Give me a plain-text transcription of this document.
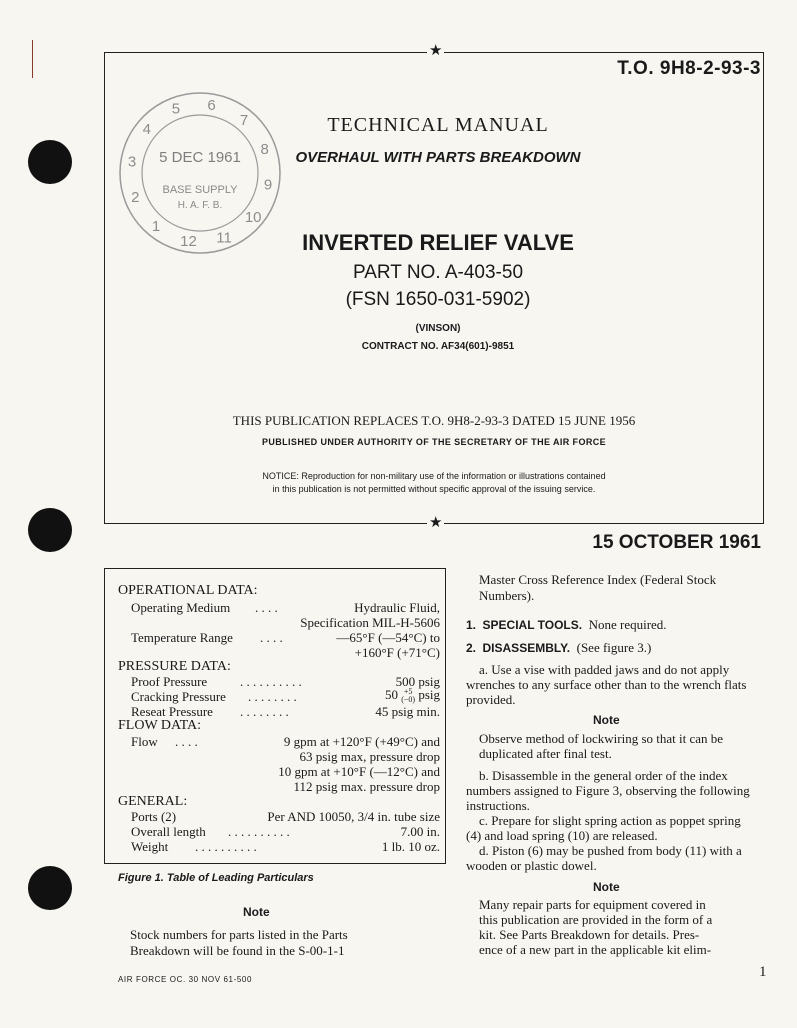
T.O. 9H8-2-93-3
★
★
1
2
3
4
5 6
7
8
9
10
11
12
5 DEC 1961
BASE SUPPLY
H. A. F. B.
TECHNICAL MANUAL
OVERHAUL WITH PARTS BREAKDOWN
INVERTED RELIEF VALVE
PART NO. A-403-50
(FSN 1650-031-5902)
(VINSON)
CONTRACT NO. AF34(601)-9851
THIS PUBLICATION REPLACES T.O. 9H8-2-93-3 DATED 15 JUNE 1956
PUBLISHED UNDER AUTHORITY OF THE SECRETARY OF THE AIR FORCE
NOTICE: Reproduction for non-military use of the information or illustrations contained
in this publication is not permitted without specific approval of the issuing service.
15 OCTOBER 1961
OPERATIONAL DATA:
Operating Medium . . . .	Hydraulic Fluid,
Specification MIL-H-5606
Temperature Range . . . .	—65°F (—54°C) to
+160°F (+71°C)
PRESSURE DATA:
Proof Pressure	. . . . . . . . . .	500 psig
Cracking Pressure . . . . . . . .	50 (+5
−0) psig
Reseat Pressure . . . . . . . .	45 psig min.
FLOW DATA:
Flow . . . .	9 gpm at +120°F (+49°C) and
63 psig max, pressure drop
10 gpm at +10°F (—12°C) and
112 psig max. pressure drop
GENERAL:
Ports (2)	Per AND 10050, 3/4 in. tube size
Overall length . . . . . . . . . .	7.00 in.
Weight . . . . . . . . . .	1 lb. 10 oz.
Figure 1. Table of Leading Particulars
Note
Stock numbers for parts listed in the Parts
Breakdown will be found in the S-00-1-1
Master Cross Reference Index (Federal Stock
Numbers).
1. SPECIAL TOOLS. None required.
2. DISASSEMBLY. (See figure 3.)
a. Use a vise with padded jaws and do not apply
wrenches to any surface other than to the wrench flats
provided.
Note
Observe method of lockwiring so that it can be
duplicated after final test.
b. Disassemble in the general order of the index
numbers assigned to Figure 3, observing the following
instructions.
c. Prepare for slight spring action as poppet spring
(4) and load spring (10) are released.
d. Piston (6) may be pushed from body (11) with a
wooden or plastic dowel.
Note
Many repair parts for equipment covered in
this publication are provided in the form of a
kit. See Parts Breakdown for details. Pres-
ence of a new part in the applicable kit elim-
AIR FORCE OC. 30 NOV 61-500	1
